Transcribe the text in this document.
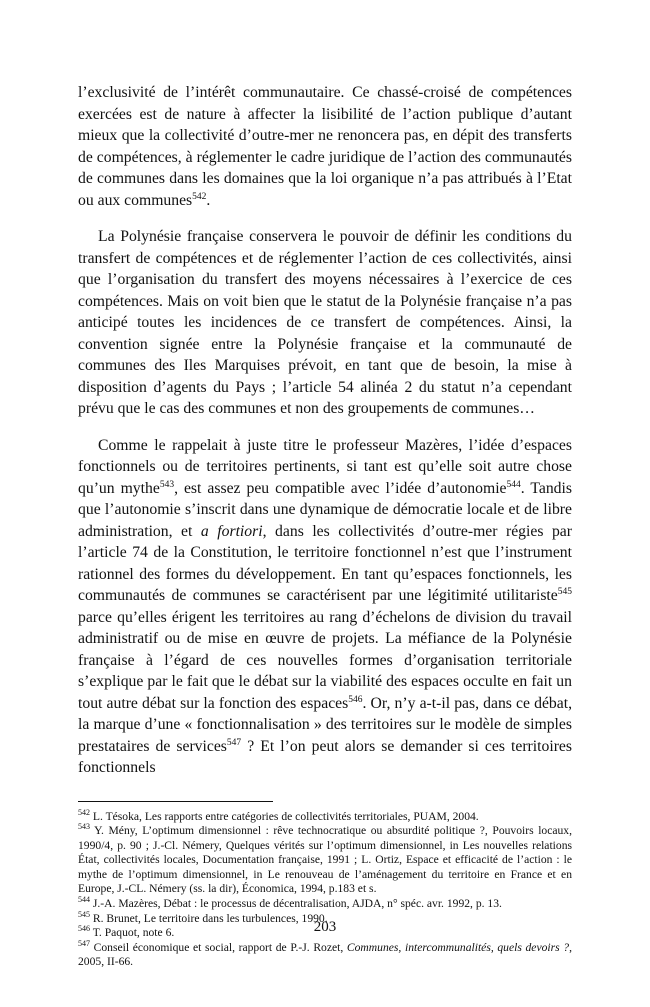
l’exclusivité de l’intérêt communautaire. Ce chassé-croisé de compétences exercées est de nature à affecter la lisibilité de l’action publique d’autant mieux que la collectivité d’outre-mer ne renoncera pas, en dépit des transferts de compétences, à réglementer le cadre juridique de l’action des communautés de communes dans les domaines que la loi organique n’a pas attribués à l’Etat ou aux communes$^{542}$.

La Polynésie française conservera le pouvoir de définir les conditions du transfert de compétences et de réglementer l’action de ces collectivités, ainsi que l’organisation du transfert des moyens nécessaires à l’exercice de ces compétences. Mais on voit bien que le statut de la Polynésie française n’a pas anticipé toutes les incidences de ce transfert de compétences. Ainsi, la convention signée entre la Polynésie française et la communauté de communes des Iles Marquises prévoit, en tant que de besoin, la mise à disposition d’agents du Pays ; l’article 54 alinéa 2 du statut n’a cependant prévu que le cas des communes et non des groupements de communes…

Comme le rappelait à juste titre le professeur Mazères, l’idée d’espaces fonctionnels ou de territoires pertinents, si tant est qu’elle soit autre chose qu’un mythe$^{543}$, est assez peu compatible avec l’idée d’autonomie$^{544}$. Tandis que l’autonomie s’inscrit dans une dynamique de démocratie locale et de libre administration, et a fortiori, dans les collectivités d’outre-mer régies par l’article 74 de la Constitution, le territoire fonctionnel n’est que l’instrument rationnel des formes du développement. En tant qu’espaces fonctionnels, les communautés de communes se caractérisent par une légitimité utilitariste$^{545}$ parce qu’elles érigent les territoires au rang d’échelons de division du travail administratif ou de mise en œuvre de projets. La méfiance de la Polynésie française à l’égard de ces nouvelles formes d’organisation territoriale s’explique par le fait que le débat sur la viabilité des espaces occulte en fait un tout autre débat sur la fonction des espaces$^{546}$. Or, n’y a-t-il pas, dans ce débat, la marque d’une « fonctionnalisation » des territoires sur le modèle de simples prestataires de services$^{547}$ ? Et l’on peut alors se demander si ces territoires fonctionnels

$^{542}$ L. Tésoka, Les rapports entre catégories de collectivités territoriales, PUAM, 2004.

$^{543}$ Y. Mény, L’optimum dimensionnel : rêve technocratique ou absurdité politique ?, Pouvoirs locaux, 1990/4, p. 90 ; J.-Cl. Némery, Quelques vérités sur l’optimum dimensionnel, in Les nouvelles relations État, collectivités locales, Documentation française, 1991 ; L. Ortiz, Espace et efficacité de l’action : le mythe de l’optimum dimensionnel, in Le renouveau de l’aménagement du territoire en France et en Europe, J.-CL. Némery (ss. la dir), Économica, 1994, p.183 et s.

$^{544}$ J.-A. Mazères, Débat : le processus de décentralisation, AJDA, n° spéc. avr. 1992, p. 13.

$^{545}$ R. Brunet, Le territoire dans les turbulences, 1990.

$^{546}$ T. Paquot, note 6.

$^{547}$ Conseil économique et social, rapport de P.-J. Rozet, Communes, intercommunalités, quels devoirs ?, 2005, II-66.

203
